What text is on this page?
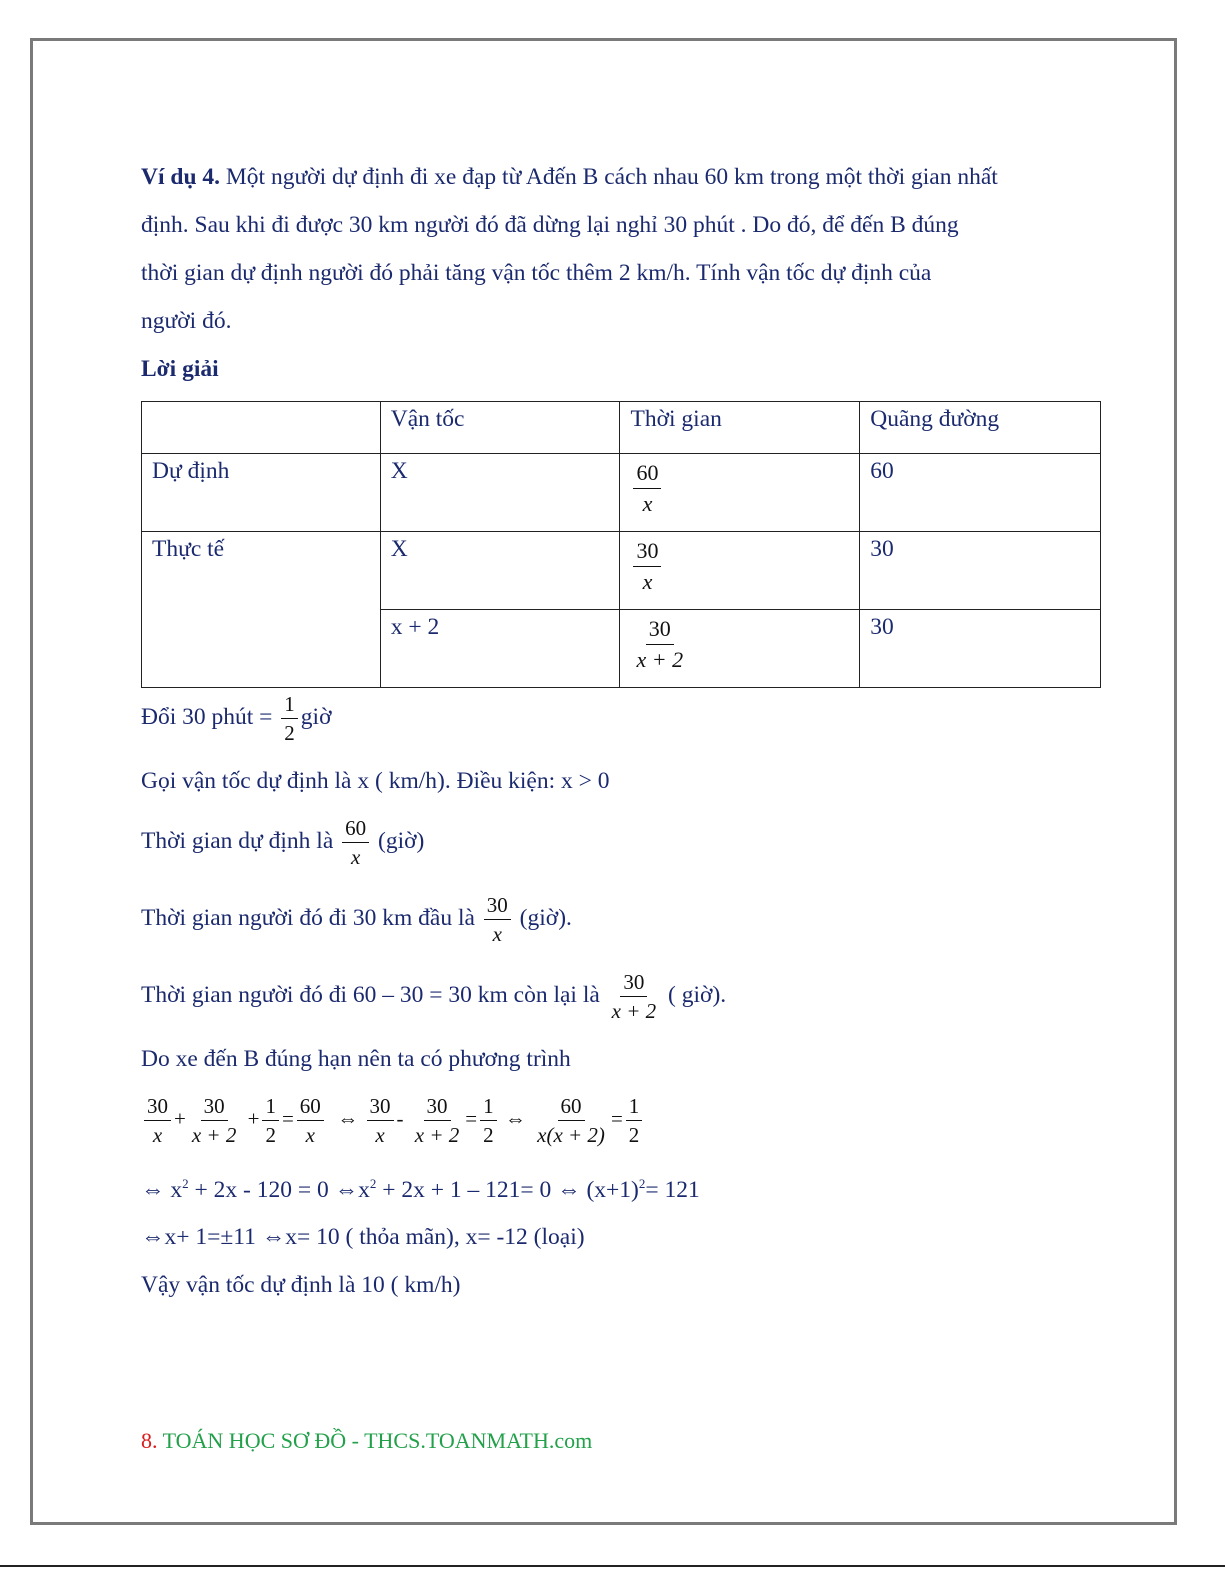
Ví dụ 4. Một người dự định đi xe đạp từ Ađến B cách nhau 60 km trong một thời gian nhất
định. Sau khi đi được 30 km người đó đã dừng lại nghỉ 30 phút . Do đó, để đến B đúng
thời gian dự định người đó phải tăng vận tốc thêm 2 km/h. Tính vận tốc dự định của
người đó.
Lời giải
	Vận tốc	Thời gian	Quãng đường
Dự định	X	$\frac{60}{x}$	60
Thực tế	X	$\frac{30}{x}$	30
	x + 2	$\frac{30}{x + 2}$	30
Đổi 30 phút = $\frac{1}{2}$ giờ
Gọi vận tốc dự định là x ( km/h). Điều kiện: x > 0
Thời gian dự định là $\frac{60}{x}$ (giờ)
Thời gian người đó đi 30 km đầu là $\frac{30}{x}$ (giờ).
Thời gian người đó đi 60 – 30 = 30 km còn lại là $\frac{30}{x + 2}$ ( giờ).
Do xe đến B đúng hạn nên ta có phương trình
$\frac{30}{x} + \frac{30}{x + 2} + \frac{1}{2} = \frac{60}{x}$ ⇔ $\frac{30}{x} - \frac{30}{x + 2} = \frac{1}{2}$ ⇔ $\frac{60}{x(x + 2)} = \frac{1}{2}$
⇔ $x^2 + 2x - 120 = 0$ $\Leftrightarrow x^2 + 2x + 1 - 121= 0$ ⇔ $(x+1)^2= 121$
⇔x+ 1=±11 ⇔x= 10 ( thỏa mãn), x= -12 (loại)
Vậy vận tốc dự định là 10 ( km/h)
8. TOÁN HỌC SƠ ĐỒ - THCS.TOANMATH.com
